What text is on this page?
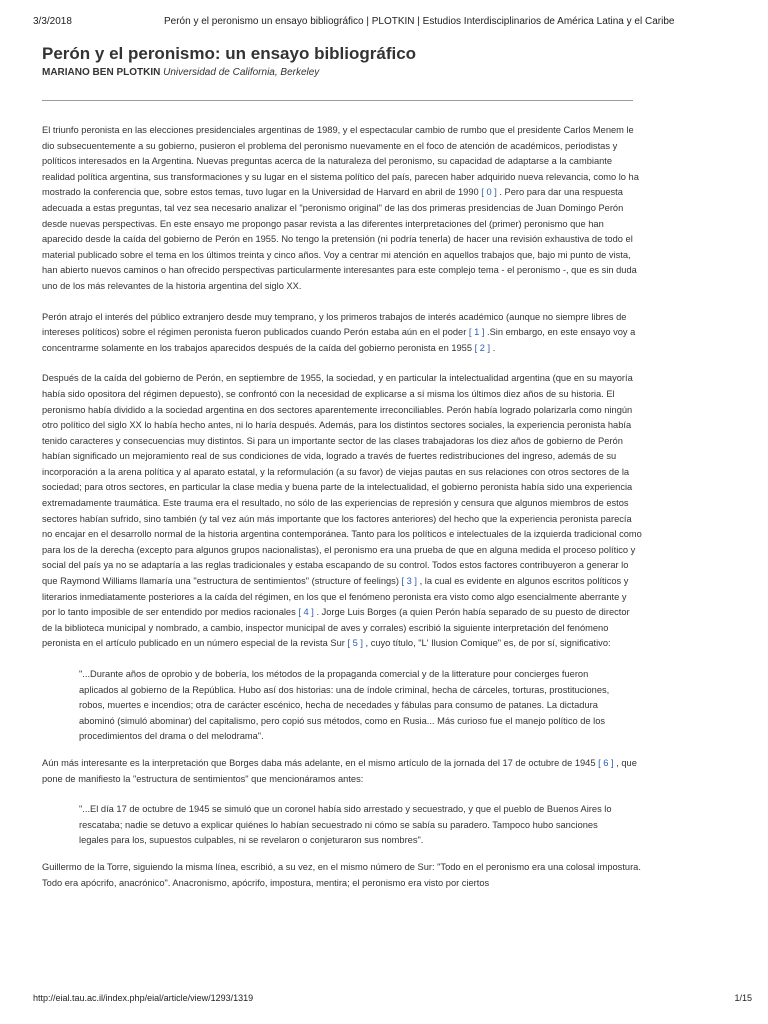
3/3/2018	Perón y el peronismo un ensayo bibliográfico | PLOTKIN | Estudios Interdisciplinarios de América Latina y el Caribe
Perón y el peronismo: un ensayo bibliográfico
MARIANO BEN PLOTKIN Universidad de California, Berkeley

El triunfo peronista en las elecciones presidenciales argentinas de 1989, y el espectacular cambio de rumbo que el presidente Carlos Menem le dio subsecuentemente a su gobierno, pusieron el problema del peronismo nuevamente en el foco de atención de académicos, periodistas y políticos interesados en la Argentina. Nuevas preguntas acerca de la naturaleza del peronismo, su capacidad de adaptarse a la cambiante realidad política argentina, sus transformaciones y su lugar en el sistema político del país, parecen haber adquirido nueva relevancia, como lo ha mostrado la conferencia que, sobre estos temas, tuvo lugar en la Universidad de Harvard en abril de 1990 [ 0 ] . Pero para dar una respuesta adecuada a estas preguntas, tal vez sea necesario analizar el "peronismo original" de las dos primeras presidencias de Juan Domingo Perón desde nuevas perspectivas. En este ensayo me propongo pasar revista a las diferentes interpretaciones del (primer) peronismo que han aparecido desde la caída del gobierno de Perón en 1955. No tengo la pretensión (ni podría tenerla) de hacer una revisión exhaustiva de todo el material publicado sobre el tema en los últimos treinta y cinco años. Voy a centrar mi atención en aquellos trabajos que, bajo mi punto de vista, han abierto nuevos caminos o han ofrecido perspectivas particularmente interesantes para este complejo tema - el peronismo -, que es sin duda uno de los más relevantes de la historia argentina del siglo XX.

Perón atrajo el interés del público extranjero desde muy temprano, y los primeros trabajos de interés académico (aunque no siempre libres de intereses políticos) sobre el régimen peronista fueron publicados cuando Perón estaba aún en el poder [ 1 ] .Sin embargo, en este ensayo voy a concentrarme solamente en los trabajos aparecidos después de la caída del gobierno peronista en 1955 [ 2 ] .

Después de la caída del gobierno de Perón, en septiembre de 1955, la sociedad, y en particular la intelectualidad argentina (que en su mayoría había sido opositora del régimen depuesto), se confrontó con la necesidad de explicarse a sí misma los últimos diez años de su historia. El peronismo había dividido a la sociedad argentina en dos sectores aparentemente irreconciliables. Perón había logrado polarizarla como ningún otro político del siglo XX lo había hecho antes, ni lo haría después. Además, para los distintos sectores sociales, la experiencia peronista había tenido caracteres y consecuencias muy distintos. Si para un importante sector de las clases trabajadoras los diez años de gobierno de Perón habían significado un mejoramiento real de sus condiciones de vida, logrado a través de fuertes redistribuciones del ingreso, además de su incorporación a la arena política y al aparato estatal, y la reformulación (a su favor) de viejas pautas en sus relaciones con otros sectores de la sociedad; para otros sectores, en particular la clase media y buena parte de la intelectualidad, el gobierno peronista había sido una experiencia extremadamente traumática. Este trauma era el resultado, no sólo de las experiencias de represión y censura que algunos miembros de estos sectores habían sufrido, sino también (y tal vez aún más importante que los factores anteriores) del hecho que la experiencia peronista parecía no encajar en el desarrollo normal de la historia argentina contemporánea. Tanto para los políticos e intelectuales de la izquierda tradicional como para los de la derecha (excepto para algunos grupos nacionalistas), el peronismo era una prueba de que en alguna medida el proceso político y social del país ya no se adaptaría a las reglas tradicionales y estaba escapando de su control. Todos estos factores contribuyeron a generar lo que Raymond Williams llamaría una "estructura de sentimientos" (structure of feelings) [ 3 ] , la cual es evidente en algunos escritos políticos y literarios inmediatamente posteriores a la caída del régimen, en los que el fenómeno peronista era visto como algo esencialmente aberrante y por lo tanto imposible de ser entendido por medios racionales [ 4 ] . Jorge Luis Borges (a quien Perón había separado de su puesto de director de la biblioteca municipal y nombrado, a cambio, inspector municipal de aves y corrales) escribió la siguiente interpretación del fenómeno peronista en el artículo publicado en un número especial de la revista Sur [ 5 ] , cuyo título, "L' Ilusion Comique" es, de por sí, significativo:

"...Durante años de oprobio y de bobería, los métodos de la propaganda comercial y de la litterature pour concierges fueron aplicados al gobierno de la República. Hubo así dos historias: una de índole criminal, hecha de cárceles, torturas, prostituciones, robos, muertes e incendios; otra de carácter escénico, hecha de necedades y fábulas para consumo de patanes. La dictadura abominó (simuló abominar) del capitalismo, pero copió sus métodos, como en Rusia... Más curioso fue el manejo político de los procedimientos del drama o del melodrama".

Aún más interesante es la interpretación que Borges daba más adelante, en el mismo artículo de la jornada del 17 de octubre de 1945 [ 6 ] , que pone de manifiesto la "estructura de sentimientos" que mencionáramos antes:

"...El día 17 de octubre de 1945 se simuló que un coronel había sido arrestado y secuestrado, y que el pueblo de Buenos Aires lo rescataba; nadie se detuvo a explicar quiénes lo habían secuestrado ni cómo se sabía su paradero. Tampoco hubo sanciones legales para los, supuestos culpables, ni se revelaron o conjeturaron sus nombres".

Guillermo de la Torre, siguiendo la misma línea, escribió, a su vez, en el mismo número de Sur: "Todo en el peronismo era una colosal impostura. Todo era apócrifo, anacrónico". Anacronismo, apócrifo, impostura, mentira; el peronismo era visto por ciertos

http://eial.tau.ac.il/index.php/eial/article/view/1293/1319	1/15
